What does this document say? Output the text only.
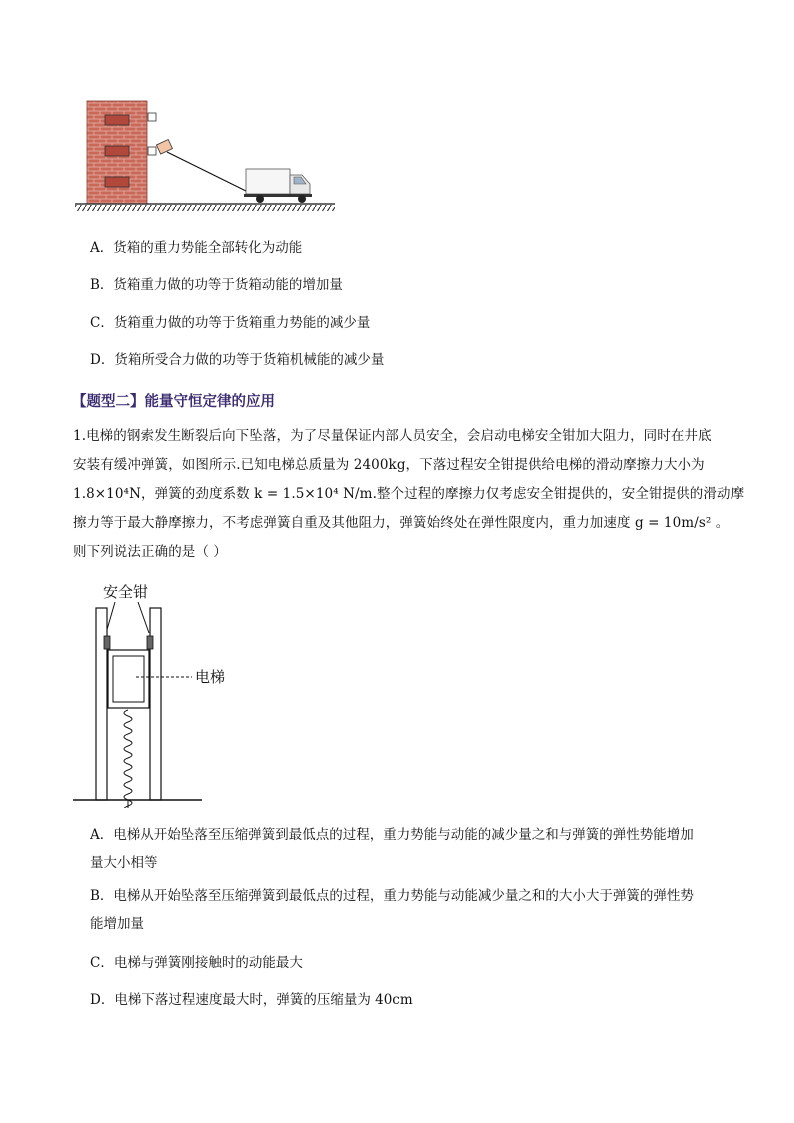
A．货箱的重力势能全部转化为动能
B．货箱重力做的功等于货箱动能的增加量
C．货箱重力做的功等于货箱重力势能的减少量
D．货箱所受合力做的功等于货箱机械能的减少量
【题型二】能量守恒定律的应用
1.电梯的钢索发生断裂后向下坠落，为了尽量保证内部人员安全，会启动电梯安全钳加大阻力，同时在井底
安装有缓冲弹簧，如图所示.已知电梯总质量为 2400kg，下落过程安全钳提供给电梯的滑动摩擦力大小为
1.8×10⁴N，弹簧的劲度系数 k = 1.5×10⁴ N/m.整个过程的摩擦力仅考虑安全钳提供的，安全钳提供的滑动摩
擦力等于最大静摩擦力，不考虑弹簧自重及其他阻力，弹簧始终处在弹性限度内，重力加速度 g = 10m/s² 。
则下列说法正确的是（ ）
安全钳
电梯
A．电梯从开始坠落至压缩弹簧到最低点的过程，重力势能与动能的减少量之和与弹簧的弹性势能增加
量大小相等
B．电梯从开始坠落至压缩弹簧到最低点的过程，重力势能与动能减少量之和的大小大于弹簧的弹性势
能增加量
C．电梯与弹簧刚接触时的动能最大
D．电梯下落过程速度最大时，弹簧的压缩量为 40cm
